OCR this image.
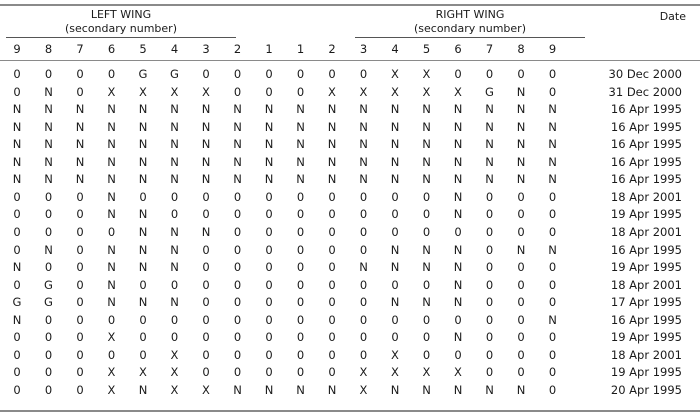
LEFT WING
(secondary number)
RIGHT WING
(secondary number)
Date
9	8	7	6	5	4	3	2	1	1	2	3	4	5	6	7	8	9
0	0	0	0	G	G	0	0	0	0	0	0	X	X	0	0	0	0	30 Dec 2000
0	N	0	X	X	X	X	0	0	0	X	X	X	X	X	G	N	0	31 Dec 2000
N	N	N	N	N	N	N	N	N	N	N	N	N	N	N	N	N	N	16 Apr 1995
N	N	N	N	N	N	N	N	N	N	N	N	N	N	N	N	N	N	16 Apr 1995
N	N	N	N	N	N	N	N	N	N	N	N	N	N	N	N	N	N	16 Apr 1995
N	N	N	N	N	N	N	N	N	N	N	N	N	N	N	N	N	N	16 Apr 1995
N	N	N	N	N	N	N	N	N	N	N	N	N	N	N	N	N	N	16 Apr 1995
0	0	0	N	0	0	0	0	0	0	0	0	0	0	N	0	0	0	18 Apr 2001
0	0	0	N	N	0	0	0	0	0	0	0	0	0	N	0	0	0	19 Apr 1995
0	0	0	0	N	N	N	0	0	0	0	0	0	0	0	0	0	0	18 Apr 2001
0	N	0	N	N	N	0	0	0	0	0	0	N	N	N	0	N	N	16 Apr 1995
N	0	0	N	N	N	0	0	0	0	0	N	N	N	N	0	0	0	19 Apr 1995
0	G	0	N	0	0	0	0	0	0	0	0	0	0	N	0	0	0	18 Apr 2001
G	G	0	N	N	N	0	0	0	0	0	0	N	N	N	0	0	0	17 Apr 1995
N	0	0	0	0	0	0	0	0	0	0	0	0	0	0	0	0	N	16 Apr 1995
0	0	0	X	0	0	0	0	0	0	0	0	0	0	N	0	0	0	19 Apr 1995
0	0	0	0	0	X	0	0	0	0	0	0	X	0	0	0	0	0	18 Apr 2001
0	0	0	X	X	X	0	0	0	0	0	X	X	X	X	0	0	0	19 Apr 1995
0	0	0	X	N	X	X	N	N	N	N	X	N	N	N	N	N	0	20 Apr 1995
